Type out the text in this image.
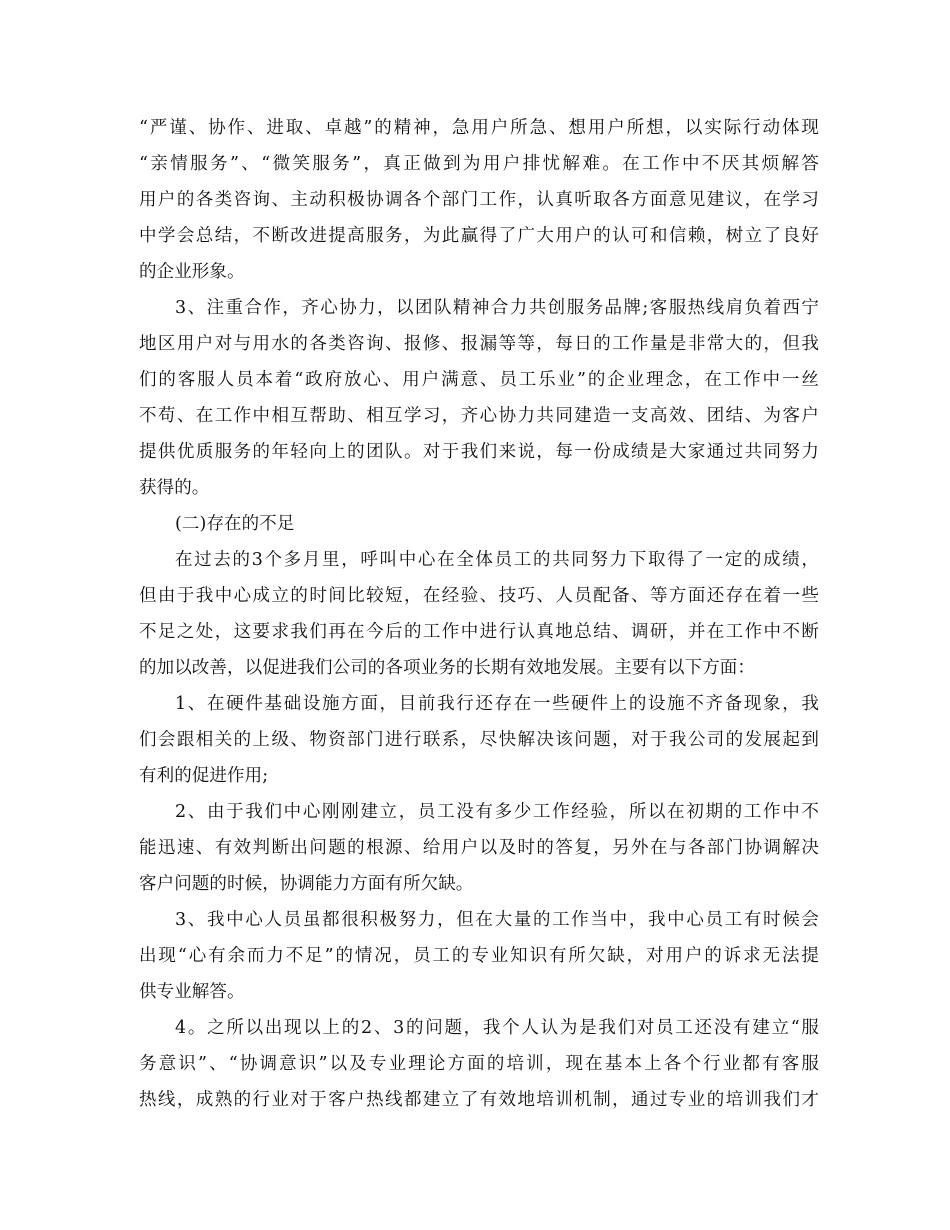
“严谨、协作、进取、卓越”的精神，急用户所急、想用户所想，以实际行动体现
“亲情服务”、“微笑服务”，真正做到为用户排忧解难。在工作中不厌其烦解答
用户的各类咨询、主动积极协调各个部门工作，认真听取各方面意见建议，在学习
中学会总结，不断改进提高服务，为此赢得了广大用户的认可和信赖，树立了良好
的企业形象。
3、注重合作，齐心协力，以团队精神合力共创服务品牌;客服热线肩负着西宁
地区用户对与用水的各类咨询、报修、报漏等等，每日的工作量是非常大的，但我
们的客服人员本着“政府放心、用户满意、员工乐业”的企业理念，在工作中一丝
不苟、在工作中相互帮助、相互学习，齐心协力共同建造一支高效、团结、为客户
提供优质服务的年轻向上的团队。对于我们来说，每一份成绩是大家通过共同努力
获得的。
(二)存在的不足
在过去的3个多月里，呼叫中心在全体员工的共同努力下取得了一定的成绩，
但由于我中心成立的时间比较短，在经验、技巧、人员配备、等方面还存在着一些
不足之处，这要求我们再在今后的工作中进行认真地总结、调研，并在工作中不断
的加以改善，以促进我们公司的各项业务的长期有效地发展。主要有以下方面：
1、在硬件基础设施方面，目前我行还存在一些硬件上的设施不齐备现象，我
们会跟相关的上级、物资部门进行联系，尽快解决该问题，对于我公司的发展起到
有利的促进作用;
2、由于我们中心刚刚建立，员工没有多少工作经验，所以在初期的工作中不
能迅速、有效判断出问题的根源、给用户以及时的答复，另外在与各部门协调解决
客户问题的时候，协调能力方面有所欠缺。
3、我中心人员虽都很积极努力，但在大量的工作当中，我中心员工有时候会
出现“心有余而力不足”的情况，员工的专业知识有所欠缺，对用户的诉求无法提
供专业解答。
4。之所以出现以上的2、3的问题，我个人认为是我们对员工还没有建立“服
务意识”、“协调意识”以及专业理论方面的培训，现在基本上各个行业都有客服
热线，成熟的行业对于客户热线都建立了有效地培训机制，通过专业的培训我们才
